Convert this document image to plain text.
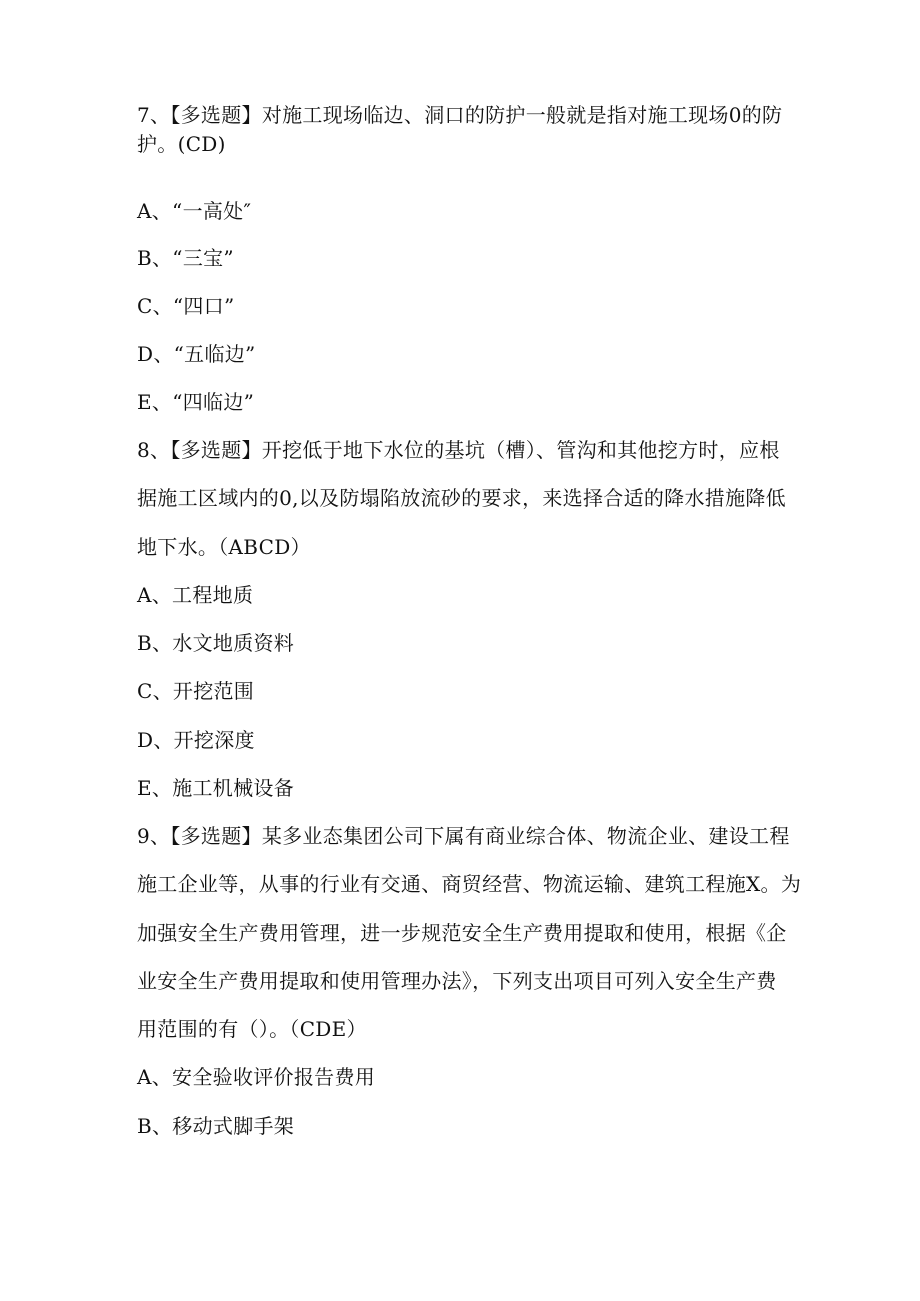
7、【多选题】对施工现场临边、洞口的防护一般就是指对施工现场0的防
护。(CD)
A、“一高处″
B、“三宝”
C、“四口”
D、“五临边”
E、“四临边”
8、【多选题】开挖低于地下水位的基坑（槽）、管沟和其他挖方时，应根
据施工区域内的0,以及防塌陷放流砂的要求，来选择合适的降水措施降低
地下水。（ABCD）
A、工程地质
B、水文地质资料
C、开挖范围
D、开挖深度
E、施工机械设备
9、【多选题】某多业态集团公司下属有商业综合体、物流企业、建设工程
施工企业等，从事的行业有交通、商贸经营、物流运输、建筑工程施X。为
加强安全生产费用管理，进一步规范安全生产费用提取和使用，根据《企
业安全生产费用提取和使用管理办法》，下列支出项目可列入安全生产费
用范围的有（）。（CDE）
A、安全验收评价报告费用
B、移动式脚手架
